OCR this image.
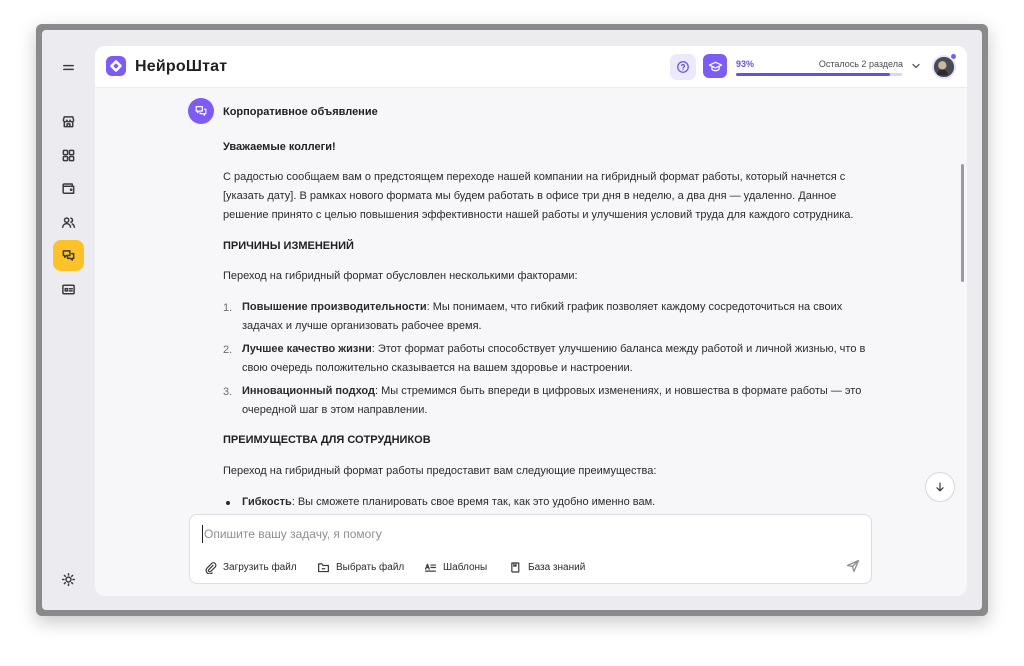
НейроШтат	93%	Осталось 2 раздела
Корпоративное объявление
Уважаемые коллеги!
С радостью сообщаем вам о предстоящем переходе нашей компании на гибридный формат работы, который начнется с [указать дату]. В рамках нового формата мы будем работать в офисе три дня в неделю, а два дня — удаленно. Данное решение принято с целью повышения эффективности нашей работы и улучшения условий труда для каждого сотрудника.
ПРИЧИНЫ ИЗМЕНЕНИЙ
Переход на гибридный формат обусловлен несколькими факторами:
1. Повышение производительности: Мы понимаем, что гибкий график позволяет каждому сосредоточиться на своих задачах и лучше организовать рабочее время.
2. Лучшее качество жизни: Этот формат работы способствует улучшению баланса между работой и личной жизнью, что в свою очередь положительно сказывается на вашем здоровье и настроении.
3. Инновационный подход: Мы стремимся быть впереди в цифровых изменениях, и новшества в формате работы — это очередной шаг в этом направлении.
ПРЕИМУЩЕСТВА ДЛЯ СОТРУДНИКОВ
Переход на гибридный формат работы предоставит вам следующие преимущества:
Гибкость: Вы сможете планировать свое время так, как это удобно именно вам.
Опишите вашу задачу, я помогу
Загрузить файл	Выбрать файл	Шаблоны	База знаний
